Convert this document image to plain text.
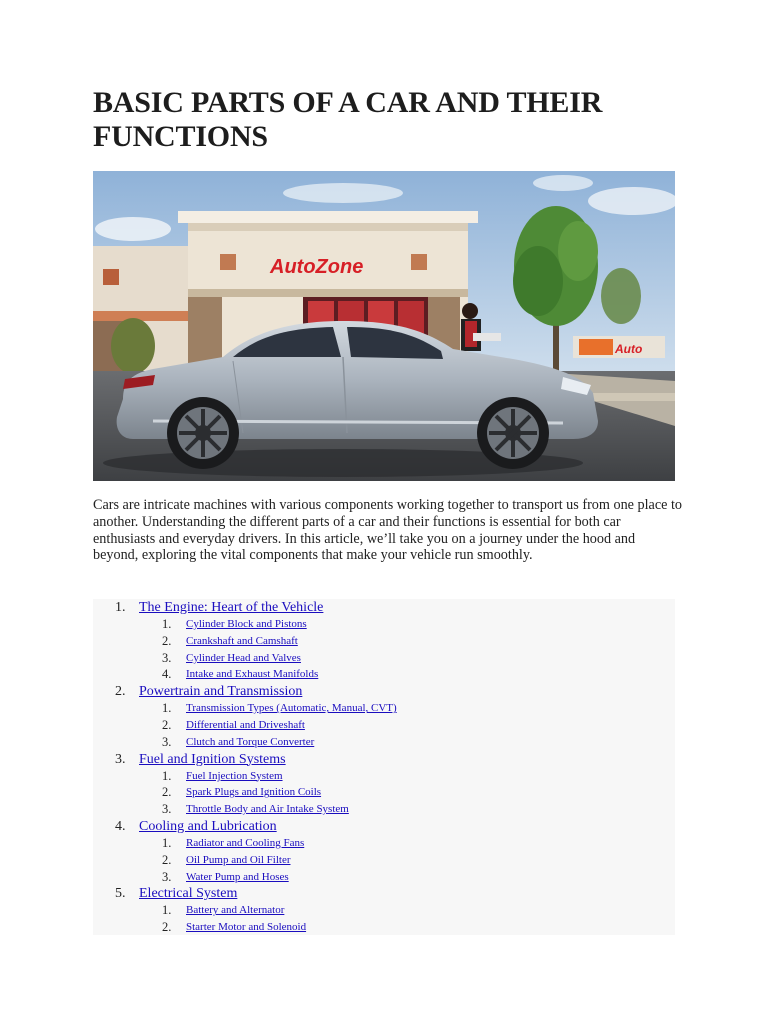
BASIC PARTS OF A CAR AND THEIR FUNCTIONS
AutoZone
Auto

Cars are intricate machines with various components working together to transport us from one place to another. Understanding the different parts of a car and their functions is essential for both car enthusiasts and everyday drivers. In this article, we’ll take you on a journey under the hood and beyond, exploring the vital components that make your vehicle run smoothly.

1. The Engine: Heart of the Vehicle
1. Cylinder Block and Pistons
2. Crankshaft and Camshaft
3. Cylinder Head and Valves
4. Intake and Exhaust Manifolds
2. Powertrain and Transmission
1. Transmission Types (Automatic, Manual, CVT)
2. Differential and Driveshaft
3. Clutch and Torque Converter
3. Fuel and Ignition Systems
1. Fuel Injection System
2. Spark Plugs and Ignition Coils
3. Throttle Body and Air Intake System
4. Cooling and Lubrication
1. Radiator and Cooling Fans
2. Oil Pump and Oil Filter
3. Water Pump and Hoses
5. Electrical System
1. Battery and Alternator
2. Starter Motor and Solenoid
